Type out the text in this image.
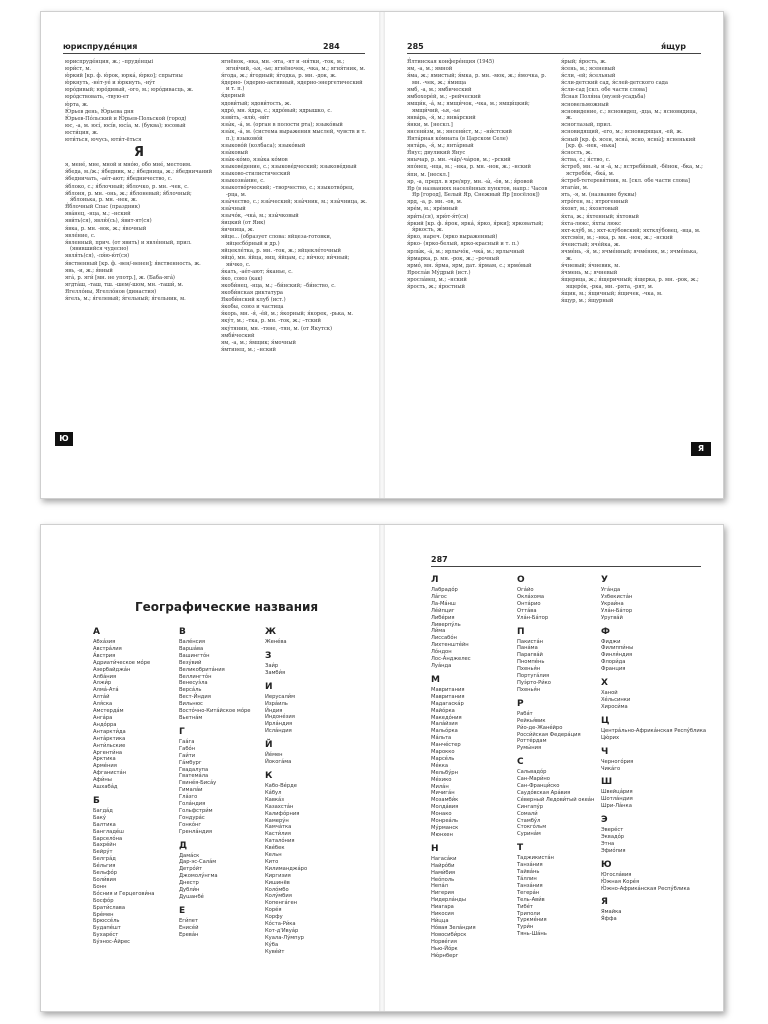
юриспруде́нция	284
юриспруде́нция, ж.; –пруде́нцыі
юри́ст, м.
ю́ркий [кр. ф. ю́рок, юрка́, ю́рко]; спрытны
ю́ркнуть, -не́т-уе́ и ю́ркнуть, -ну́т
юро́дивый; юро́дивый, -ого, м.; юро́дивасць, ж.
юро́дствовать, -твую-ет
ю́рта, ж.
Ю́рьев день, Ю́рьева дня
Ю́рьев-По́льский и Ю́рьев-Польской (город)
юс, -а, м. юсі́, юсі́в, юсі́а, м. (буква); юсовый
юсти́ция, ж.
юти́ться, ючусь, юти́т-ёться
Я
я, мене́, мне, мной и мно́ю, обо мне́, местоим.
я́беда, м./ж.; я́бедник, м.; я́бедница, ж.; я́бедничаний
я́бедничать, -ае́т-ают; я́бедничество, с.
я́блоко, с.; я́блочный; я́блочко, р. мн. -чек, с.
я́блоня, р. мн. -онь, ж.; я́блоневый; я́блочный; я́блонька, р. мн. -нек, ж.
Я́блочный Спас (праздник)
ява́нец, -нца, м.; –нский
яви́ть(ся), явлю́(сь), я́вит-ят(ся)
я́вка, р. мн. -вок, ж.; я́вочный
явле́ние, с.
я́вленный, прич. (от явить) и явле́нный, прил. (явившийся чудесно)
явля́ть(ся), -ля́ю-ю́т(ся)
я́вственный [кр. ф. -вен/-венен]; я́вственность, ж.
явь, -и, ж.; я́вный
яга́, р. яги́ [мн. не употр.], ж. (Баба-яга́)
ягдта́ш, -таш, тш. -шем/-шом, мн. -таши́, м.
Ягелло́ны, Ягелло́нов (династия)
я́гель, м.; я́гелевый; я́гельный; я́гельник, м.
ягнёнок, -нка, мн. -ята, -ят и -ня́тки, -ток, м.; ягня́чий, -ья, -ье; ягнёночек, -чка, м.; ягня́тник, м.
я́года, ж.; я́годный; я́годка, р. мн. -док, ж.
я́дерно- (ядерно-активный, ядерно-энергетический и т. п.)
я́дерный
ядови́тый; ядови́тость, ж.
ядро́, мн. я́дра, с.; ядро́вый; ядрышко, с.
язви́ть, -влю́, -ви́т
язы́к, -а́, м. (орган в полости рта); языко́вый
язы́к, -а́, м. (система выражения мыслей, чувств и т. п.); языково́й
языково́й (колбаса); языко́вый
язы́ковый
язы́к-ко́мо, язы́ка ко́мов
языкове́дение, с.; языкове́дческий; языкове́дный
языково-стилистический
языкозна́ние, с.
языкотво́рческий; –творчество, с.; языкотво́рец, -рца, м.
язы́чество, с.; язы́ческий; язы́чник, м.; язы́чница, ж.
язы́чный
язычо́к, -чка́, м.; язы́чковый
я́ицкий (от Яик)
я́ичница, ж.
яйце... (образует слова: яйцеза-готовки, яйцесбо́рный и др.)
яйцекле́тка, р. мн. -ток, ж.; яйцекле́точный
яйцо́, мн. я́йца, яиц, я́йцам, с.; яи́чко; яи́чный; яи́чко, с.
я́кать, -ае́т-ают; я́канье, с.
я́ко, союз (как)
якоби́нец, -нца, м.; –би́нский; –би́нство, с.
якоби́нская диктатура
Якоби́нский клуб (ист.)
я́кобы, союз и частица
я́корь, мн. -я́, -е́й, м.; я́корный; я́корек, -рька, м.
яку́т, м.; –тка, р. мн. -ток, ж.; –тский
яку́тянин, мн. -тяне, -тян, м. (от Якутск)
ямби́ческий
ям, -а, м.; я́мщик; я́мочный
я́мтинец, м.; –нский
Ю
285	я́щур
Я́лтинская конфере́нция (1945)
ям, -а, м.; ямной
я́ма, ж.; ямистый; я́мка, р. мн. -мок, ж.; я́мочка, р. мн. -чек, ж.; я́мища
ямб, -а, м.; ямбический
ямбохоре́й, м.; –рейческий
ямщи́к, -а́, м.; ямщи́чок, -чка, м.; ямщи́цкий; ямщи́чий, -ья, -ье
янва́рь, -я́, м.; янва́рский
я́нки, м. [нескл.]
янсени́зм, м.; янсени́ст, м.; –ни́стский
Янта́рная ко́мната (в Царском Селе)
янта́рь, -я́, м.; янта́рный
Я́нус; двуликий Янус
янычар, р. мн. -ча́р/-ча́ров, м.; –рский
япо́нец, -нца, м.; –нка, р. мн. -нок, ж.; –нский
я́пи, м. [нескл.]
яр, -а, предл. в яре/яру, мн. -ы́, -о́в, м.; я́ровой
Яр (в названиях населённых пунктов, напр.: Часов Яр [город], Белый Яр, Снежный Яр [посёлок])
ярд, -а, р. мн. -ов, м.
яре́м, м.; яре́мный
яри́ть(ся), ярю́т-я́т(ся)
я́ркий [кр. ф. я́рок, ярка́, я́рко, я́рки]; ярковатый; я́ркость, ж.
я́рко, нареч. (ярко выраженный)
я́рко- (ярко-белый, ярко-красный и т. п.)
ярлы́к, -а́, м.; ярлычо́к, -чка́, м.; ярлычный
я́рмарка, р. мн. -рок, ж.; –рочный
ярмо́, мн. я́рма, ярм, дат. я́рмам, с.; ярмо́вый
Яросла́в Му́дрый (ист.)
яросла́вец, м.; –нский
я́рость, ж.; я́ростный
я́рый; я́рость, ж.
я́сень, м.; ясеневый
я́сли, -ей; я́сельный
я́сли-детский сад, я́слей-детского сада
я́сли-сад [скл. обе части слова]
Я́сная Поля́на (музей-усадьба)
ясновельможный
ясновидение, с.; ясновидец, -дца, м.; ясновидица, ж.
ясноглазый, прил.
ясновидящий, -его, м.; ясновидящая, -ей, ж.
я́сный [кр. ф. ясен, ясна́, ясно, ясны́]; ясненький [кр. ф. -нек, -нька]
я́сность, ж.
я́ства, с.; я́ство, с.
я́стреб, мн. -ы и -а́, м.; ястреби́ный, -бёнок, -бка, м.; ястребо́к, -бка́, м.
я́стреб-тетеревя́тник, м. [скл. обе части слова]
ятага́н, м.
ять, -я, м. (название буквы)
ятро́ген, м.; ятрогенный
я́хонт, м.; я́хонтовый
я́хта, ж.; я́хтенный; я́хтовый
я́хта-люкс, я́хты люкс
яхт-клу́б, м.; яхт-клу́бовский; яхтклу́бовец, -вца, м.
яхтсме́н, м.; –нка, р. мн. -нок, ж.; –нский
я́чеистый; яче́йка, ж.
ячме́нь, -я́, м.; ячме́нный; ячме́ник, м.; ячме́нька, ж.
я́чневый; я́чневик, м.
я́чмень, м.; ячневый
я́щерица, ж.; я́щеричный; я́щерка, р. мн. -рок, ж.; ящеро́к, -рка, мн. -рята, -рят, м.
я́щик, м.; я́щичный; я́щичек, -чка, м.
я́щур, м.; я́щурный
Я
Географические названия
А
Абха́зия
Австра́лия
А́встрия
Адриати́ческое мо́ре
Азербайджа́н
Алба́ния
Алжи́р
Алма́-Ата́
Алта́й
Аля́ска
Амстерда́м
Анга́ра
Андо́рра
Антаркти́да
Анта́рктика
Анти́льские
Аргенти́на
Арктика
Арме́ния
Афганиста́н
Афи́ны
Ашхаба́д
Б
Багда́д
Баку́
Балтика
Бангладе́ш
Барсело́на
Бахре́йн
Бейру́т
Белгра́д
Бе́льгия
Бельфо́р
Боли́вия
Бонн
Бо́сния и Герцегови́на
Босфо́р
Брати́слава
Бре́мен
Брюссе́ль
Будапе́шт
Бухаре́ст
Бу́энос-А́йрес
В
Вале́нсия
Варша́ва
Вашингто́н
Везу́вий
Великобрита́ния
Веллингто́н
Венесуэ́ла
Верса́ль
Вест-И́ндия
Вильнюс
Восто́чно-Кита́йское мо́ре
Вьетна́м
Г
Гаа́га
Габо́н
Гаи́ти
Га́мбург
Гвадалупа
Гватема́ла
Гвине́я-Биса́у
Гимала́и
Гла́зго
Гола́ндия
Гольфстри́м
Гондура́с
Гонко́нг
Гренла́ндия
Д
Дама́ск
Дар-эс-Сала́м
Детро́йт
Джомолу́нгма
Днестр
Дубли́н
Душанбе́
Е
Еги́пет
Енисе́й
Ерева́н
Ж
Жене́ва
З
Заи́р
Замби́я
И
Иерусали́м
Изра́иль
И́ндия
Индоне́зия
Ирла́ндия
Исла́ндия
Й
Йе́мен
Йокога́ма
К
Кабо-Ве́рде
Ка́бул
Кавка́з
Казахста́н
Калифо́рния
Камеру́н
Камча́тка
Касти́лия
Катало́ния
Кве́бек
Кельн
Кито
Килиманджа́ро
Киргизия
Кишинёв
Коло́мбо
Колу́мбия
Копенга́ген
Коре́я
Корфу
Ко́ста-Ри́ка
Кот-д'Ивуа́р
Куала-Лу́мпур
Ку́ба
Куве́йт
287
Л
Лабрадо́р
Ла́гос
Ла-Ма́нш
Ле́йпциг
Либе́рия
Ливерпу́ль
Ли́ма
Лиссабо́н
Лихтенште́йн
Ло́ндон
Лос-А́нджелес
Луа́нда
М
Мавритания
Мавритания
Мадагаска́р
Майо́рка
Македо́ния
Мала́йзия
Мальо́рка
Ма́льта
Манче́стер
Марокко
Марсе́ль
Ме́кка
Мельбу́рн
Ме́хико
Мила́н
Мичига́н
Мозамби́к
Молда́вия
Монако
Монреа́ль
Му́рманск
Мюнхен
Н
Нагаса́ки
Найро́би
Нами́бия
Нео́поль
Непа́л
Нигерия
Нидерла́нды
Ниагара
Никосия
Ни́цца
Но́вая Зела́ндия
Новосиби́рск
Норве́гия
Нью-Йо́рк
Ню́рнберг
О
Ога́йо
Окла́хома
Онта́рио
Отта́ва
Ула́н-Ба́тор
П
Пакиста́н
Пана́ма
Парагва́й
Пномпе́нь
Пхенья́н
Португа́лия
Пуэ́рто-Ри́ко
Пхенья́н
Р
Раба́т
Рейкья́вик
Ри́о-де-Жане́йро
Росси́йская Федера́ция
Ротте́рдам
Румы́ния
С
Сальвадо́р
Сан-Мари́но
Сан-Франци́ско
Саудо́вская Ара́вия
Се́верный Ледови́тый океа́н
Сингапу́р
Сомали́
Стамбу́л
Стокго́льм
Сурина́м
Т
Таджикиста́н
Танза́ния
Тайва́нь
Та́ллин
Танза́ния
Тегера́н
Тель-Ави́в
Тибе́т
Триполи
Туркме́ния
Тури́н
Тянь-Ша́нь
У
Уга́нда
Узбекиста́н
Украи́на
Ула́н-Ба́тор
Уругва́й
Ф
Фиджи
Филиппи́ны
Финля́ндия
Флори́да
Франция
Х
Ханой
Хе́льсинки
Хироси́ма
Ц
Центра́льно-Африка́нская Респу́блика
Цю́рих
Ч
Черного́рия
Чика́го
Ш
Швейца́рия
Шотла́ндия
Шри-Ла́нка
Э
Эвере́ст
Эквадо́р
Этна
Эфио́пия
Ю
Югосла́вия
Ю́жная Коре́я
Ю́жно-Африка́нская Респу́блика
Я
Ямайка
Я́ффа
